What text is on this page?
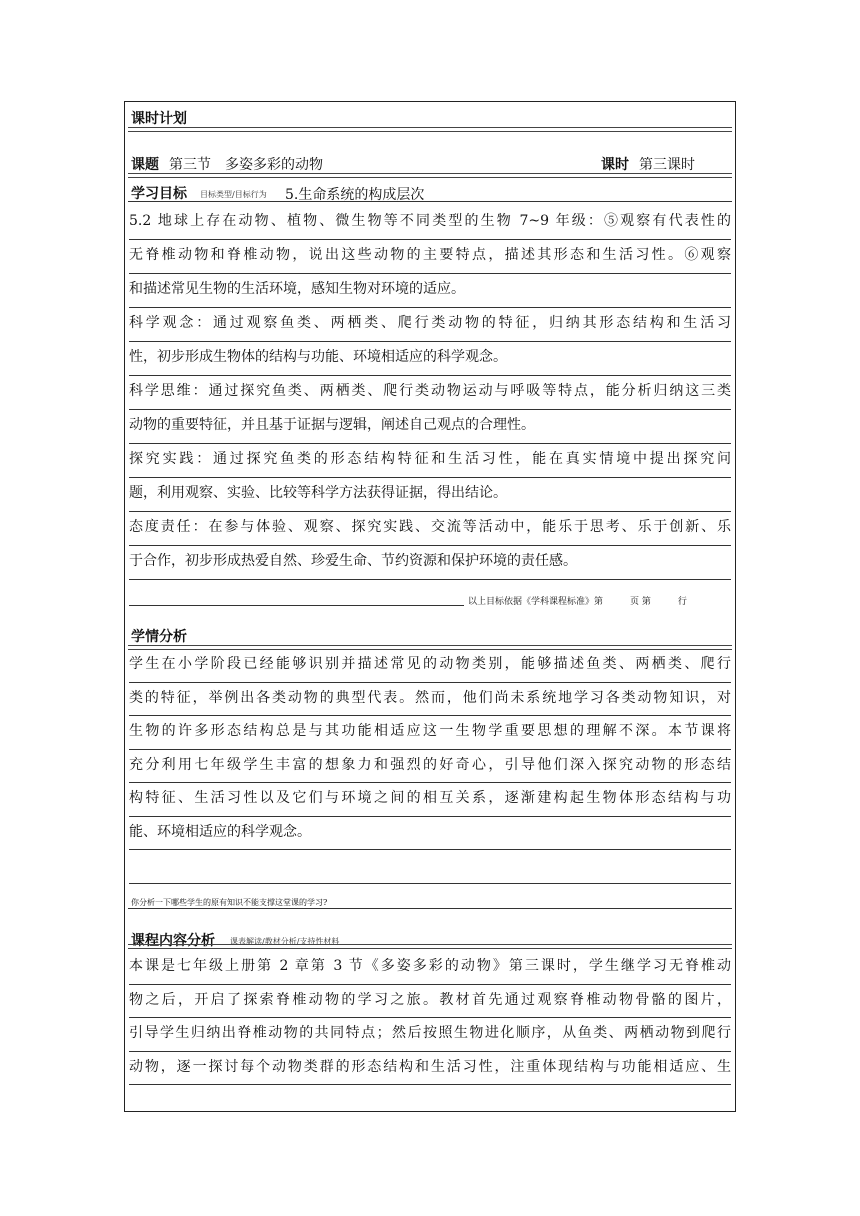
课时计划
课题 第三节　多姿多彩的动物	课时 第三课时
学习目标 目标类型/目标行为 5.生命系统的构成层次
5.2 地球上存在动物、植物、微生物等不同类型的生物 7~9 年级：⑤观察有代表性的
无脊椎动物和脊椎动物，说出这些动物的主要特点，描述其形态和生活习性。⑥观察
和描述常见生物的生活环境，感知生物对环境的适应。
科学观念：通过观察鱼类、两栖类、爬行类动物的特征，归纳其形态结构和生活习
性，初步形成生物体的结构与功能、环境相适应的科学观念。
科学思维：通过探究鱼类、两栖类、爬行类动物运动与呼吸等特点，能分析归纳这三类
动物的重要特征，并且基于证据与逻辑，阐述自己观点的合理性。
探究实践：通过探究鱼类的形态结构特征和生活习性，能在真实情境中提出探究问
题，利用观察、实验、比较等科学方法获得证据，得出结论。
态度责任：在参与体验、观察、探究实践、交流等活动中，能乐于思考、乐于创新、乐
于合作，初步形成热爱自然、珍爱生命、节约资源和保护环境的责任感。
以上目标依据《学科课程标准》第　　　页 第　　　行
学情分析
学生在小学阶段已经能够识别并描述常见的动物类别，能够描述鱼类、两栖类、爬行
类的特征，举例出各类动物的典型代表。然而，他们尚未系统地学习各类动物知识，对
生物的许多形态结构总是与其功能相适应这一生物学重要思想的理解不深。本节课将
充分利用七年级学生丰富的想象力和强烈的好奇心，引导他们深入探究动物的形态结
构特征、生活习性以及它们与环境之间的相互关系，逐渐建构起生物体形态结构与功
能、环境相适应的科学观念。

你分析一下哪些学生的原有知识不能支撑这堂课的学习?
课程内容分析 课表解读/教材分析/支持性材料
本课是七年级上册第 2 章第 3 节《多姿多彩的动物》第三课时，学生继学习无脊椎动
物之后，开启了探索脊椎动物的学习之旅。教材首先通过观察脊椎动物骨骼的图片，
引导学生归纳出脊椎动物的共同特点；然后按照生物进化顺序，从鱼类、两栖动物到爬行
动物，逐一探讨每个动物类群的形态结构和生活习性，注重体现结构与功能相适应、生
